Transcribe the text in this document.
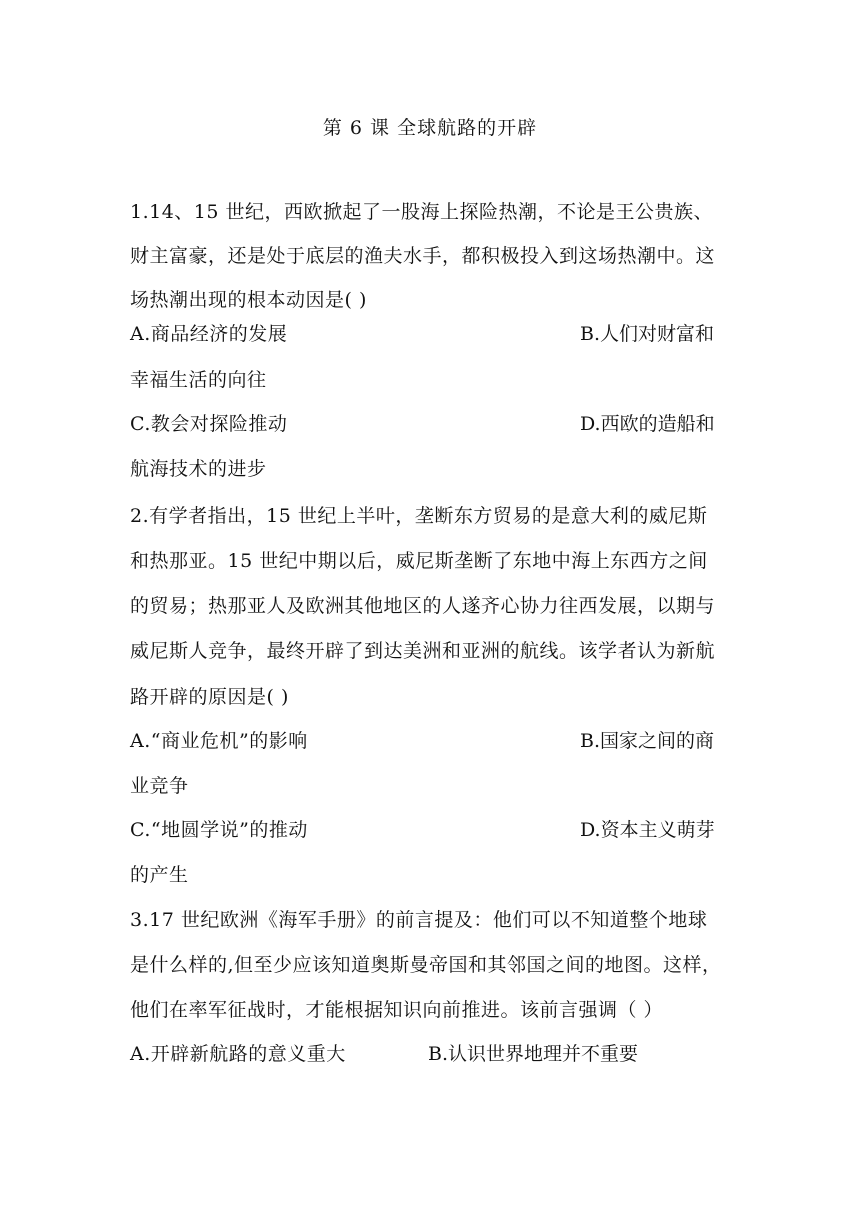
第 6 课 全球航路的开辟
1.14、15 世纪，西欧掀起了一股海上探险热潮，不论是王公贵族、
财主富豪，还是处于底层的渔夫水手，都积极投入到这场热潮中。这
场热潮出现的根本动因是( )
A.商品经济的发展	B.人们对财富和
幸福生活的向往
C.教会对探险推动	D.西欧的造船和
航海技术的进步
2.有学者指出，15 世纪上半叶，垄断东方贸易的是意大利的威尼斯
和热那亚。15 世纪中期以后，威尼斯垄断了东地中海上东西方之间
的贸易；热那亚人及欧洲其他地区的人遂齐心协力往西发展，以期与
威尼斯人竞争，最终开辟了到达美洲和亚洲的航线。该学者认为新航
路开辟的原因是( )
A.“商业危机”的影响	B.国家之间的商
业竞争
C.“地圆学说”的推动	D.资本主义萌芽
的产生
3.17 世纪欧洲《海军手册》的前言提及：他们可以不知道整个地球
是什么样的,但至少应该知道奥斯曼帝国和其邻国之间的地图。这样，
他们在率军征战时，才能根据知识向前推进。该前言强调（ ）
A.开辟新航路的意义重大	B.认识世界地理并不重要
